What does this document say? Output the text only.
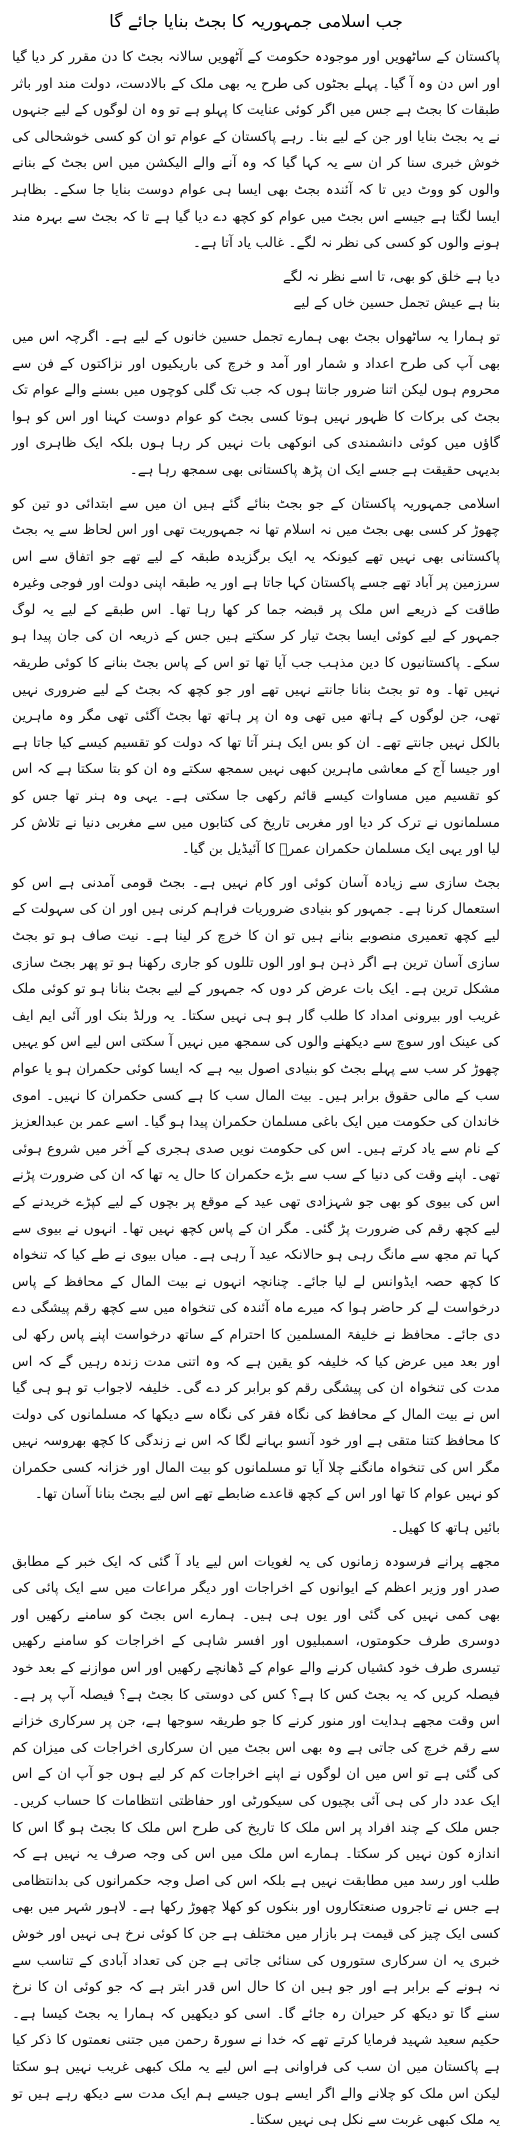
جب اسلامی جمہوریہ کا بجٹ بنایا جائے گا

پاکستان کے ساٹھویں اور موجودہ حکومت کے آٹھویں سالانہ بجٹ کا دن مقرر کر دیا گیا اور اس دن وہ آ گیا۔ پہلے بجٹوں کی طرح یہ بھی ملک کے بالادست، دولت مند اور باثر طبقات کا بجٹ ہے جس میں اگر کوئی عنایت کا پہلو ہے تو وہ ان لوگوں کے لیے جنہوں نے یہ بجٹ بنایا اور جن کے لیے بنا۔ رہے پاکستان کے عوام تو ان کو کسی خوشحالی کی خوش خبری سنا کر ان سے یہ کہا گیا کہ وہ آنے والے الیکشن میں اس بجٹ کے بنانے والوں کو ووٹ دیں تا کہ آئندہ بجٹ بھی ایسا ہی عوام دوست بنایا جا سکے۔ بظاہر ایسا لگتا ہے جیسے اس بجٹ میں عوام کو کچھ دے دیا گیا ہے تا کہ بجٹ سے بہرہ مند ہونے والوں کو کسی کی نظر نہ لگے۔ غالب یاد آتا ہے۔

دیا ہے خلق کو بھی، تا اسے نظر نہ لگے

بنا ہے عیش تجمل حسین خاں کے لیے

تو ہمارا یہ ساٹھواں بجٹ بھی ہمارے تجمل حسین خانوں کے لیے ہے۔ اگرچہ اس میں بھی آپ کی طرح اعداد و شمار اور آمد و خرچ کی باریکیوں اور نزاکتوں کے فن سے محروم ہوں لیکن اتنا ضرور جانتا ہوں کہ جب تک گلی کوچوں میں بسنے والے عوام تک بجٹ کی برکات کا ظہور نہیں ہوتا کسی بجٹ کو عوام دوست کہنا اور اس کو ہوا گاؤں میں کوئی دانشمندی کی انوکھی بات نہیں کر رہا ہوں بلکہ ایک ظاہری اور بدیہی حقیقت ہے جسے ایک ان پڑھ پاکستانی بھی سمجھ رہا ہے۔

اسلامی جمہوریہ پاکستان کے جو بجٹ بنائے گئے ہیں ان میں سے ابتدائی دو تین کو چھوڑ کر کسی بھی بجٹ میں نہ اسلام تھا نہ جمہوریت تھی اور اس لحاظ سے یہ بجٹ پاکستانی بھی نہیں تھے کیونکہ یہ ایک برگزیدہ طبقہ کے لیے تھے جو اتفاق سے اس سرزمین پر آباد تھے جسے پاکستان کہا جاتا ہے اور یہ طبقہ اپنی دولت اور فوجی وغیرہ طاقت کے ذریعے اس ملک پر قبضہ جما کر کھا رہا تھا۔ اس طبقے کے لیے یہ لوگ جمہور کے لیے کوئی ایسا بجٹ تیار کر سکتے ہیں جس کے ذریعہ ان کی جان پیدا ہو سکے۔ پاکستانیوں کا دین مذہب جب آیا تھا تو اس کے پاس بجٹ بنانے کا کوئی طریقہ نہیں تھا۔ وہ تو بجٹ بنانا جانتے نہیں تھے اور جو کچھ کہ بجٹ کے لیے ضروری نہیں تھی، جن لوگوں کے ہاتھ میں تھی وہ ان پر ہاتھ تھا بجٹ آگئی تھی مگر وہ ماہرین بالکل نہیں جانتے تھے۔ ان کو بس ایک ہنر آتا تھا کہ دولت کو تقسیم کیسے کیا جاتا ہے اور جیسا آج کے معاشی ماہرین کبھی نہیں سمجھ سکتے وہ ان کو بتا سکتا ہے کہ اس کو تقسیم میں مساوات کیسے قائم رکھی جا سکتی ہے۔ یہی وہ ہنر تھا جس کو مسلمانوں نے ترک کر دیا اور مغربی تاریخ کی کتابوں میں سے مغربی دنیا نے تلاش کر لیا اور یہی ایک مسلمان حکمران عمرؓ کا آئیڈیل بن گیا۔

بجٹ سازی سے زیادہ آسان کوئی اور کام نہیں ہے۔ بجٹ قومی آمدنی ہے اس کو استعمال کرنا ہے۔ جمہور کو بنیادی ضروریات فراہم کرنی ہیں اور ان کی سہولت کے لیے کچھ تعمیری منصوبے بنانے ہیں تو ان کا خرچ کر لینا ہے۔ نیت صاف ہو تو بجٹ سازی آسان ترین ہے اگر ذہن ہو اور الوں تللوں کو جاری رکھنا ہو تو پھر بجٹ سازی مشکل ترین ہے۔ ایک بات عرض کر دوں کہ جمہور کے لیے بجٹ بنانا ہو تو کوئی ملک غریب اور بیرونی امداد کا طلب گار ہو ہی نہیں سکتا۔ یہ ورلڈ بنک اور آئی ایم ایف کی عینک اور سوچ سے دیکھنے والوں کی سمجھ میں نہیں آ سکتی اس لیے اس کو یہیں چھوڑ کر سب سے پہلے بجٹ کو بنیادی اصول بیہ ہے کہ ایسا کوئی حکمران ہو یا عوام سب کے مالی حقوق برابر ہیں۔ بیت المال سب کا ہے کسی حکمران کا نہیں۔ اموی خاندان کی حکومت میں ایک باغی مسلمان حکمران پیدا ہو گیا۔ اسے عمر بن عبدالعزیز کے نام سے یاد کرتے ہیں۔ اس کی حکومت نویں صدی ہجری کے آخر میں شروع ہوئی تھی۔ اپنے وقت کی دنیا کے سب سے بڑے حکمران کا حال یہ تھا کہ ان کی ضرورت پڑنے اس کی بیوی کو بھی جو شہزادی تھی عید کے موقع پر بچوں کے لیے کپڑے خریدنے کے لیے کچھ رقم کی ضرورت پڑ گئی۔ مگر ان کے پاس کچھ نہیں تھا۔ انہوں نے بیوی سے کہا تم مجھ سے مانگ رہی ہو حالانکہ عید آ رہی ہے۔ میاں بیوی نے طے کیا کہ تنخواہ کا کچھ حصہ ایڈوانس لے لیا جائے۔ چنانچہ انہوں نے بیت المال کے محافظ کے پاس درخواست لے کر حاضر ہوا کہ میرے ماہ آئندہ کی تنخواہ میں سے کچھ رقم پیشگی دے دی جائے۔ محافظ نے خلیفۃ المسلمین کا احترام کے ساتھ درخواست اپنے پاس رکھ لی اور بعد میں عرض کیا کہ خلیفہ کو یقین ہے کہ وہ اتنی مدت زندہ رہیں گے کہ اس مدت کی تنخواہ ان کی پیشگی رقم کو برابر کر دے گی۔ خلیفہ لاجواب تو ہو ہی گیا اس نے بیت المال کے محافظ کی نگاہ فقر کی نگاہ سے دیکھا کہ مسلمانوں کی دولت کا محافظ کتنا متقی ہے اور خود آنسو بہانے لگا کہ اس نے زندگی کا کچھ بھروسہ نہیں مگر اس کی تنخواہ مانگنے چلا آیا تو مسلمانوں کو بیت المال اور خزانہ کسی حکمران کو نہیں عوام کا تھا اور اس کے کچھ قاعدے ضابطے تھے اس لیے بجٹ بنانا آسان تھا۔

بائیں ہاتھ کا کھیل۔

مجھے پرانے فرسودہ زمانوں کی یہ لغویات اس لیے یاد آ گئی کہ ایک خبر کے مطابق صدر اور وزیر اعظم کے ایوانوں کے اخراجات اور دیگر مراعات میں سے ایک پائی کی بھی کمی نہیں کی گئی اور یوں ہی ہیں۔ ہمارے اس بجٹ کو سامنے رکھیں اور دوسری طرف حکومتوں، اسمبلیوں اور افسر شاہی کے اخراجات کو سامنے رکھیں تیسری طرف خود کشیاں کرنے والے عوام کے ڈھانچے رکھیں اور اس موازنے کے بعد خود فیصلہ کریں کہ یہ بجٹ کس کا ہے؟ کس کی دوستی کا بجٹ ہے؟ فیصلہ آپ پر ہے۔ اس وقت مجھے ہدایت اور منور کرنے کا جو طریقہ سوجھا ہے، جن پر سرکاری خزانے سے رقم خرچ کی جاتی ہے وہ بھی اس بجٹ میں ان سرکاری اخراجات کی میزان کم کی گئی ہے تو اس میں ان لوگوں نے اپنے اخراجات کم کر لیے ہوں جو آپ ان کے اس ایک عدد دار کی ہی آئی بچیوں کی سیکورٹی اور حفاظتی انتظامات کا حساب کریں۔ جس ملک کے چند افراد پر اس ملک کا تاریخ کی طرح اس ملک کا بجٹ ہو گا اس کا اندازہ کون نہیں کر سکتا۔ ہمارے اس ملک میں اس کی وجہ صرف یہ نہیں ہے کہ طلب اور رسد میں مطابقت نہیں ہے بلکہ اس کی اصل وجہ حکمرانوں کی بدانتظامی ہے جس نے تاجروں صنعتکاروں اور بنکوں کو کھلا چھوڑ رکھا ہے۔ لاہور شہر میں بھی کسی ایک چیز کی قیمت ہر بازار میں مختلف ہے جن کا کوئی نرخ ہی نہیں اور خوش خبری یہ ان سرکاری ستوروں کی سنائی جاتی ہے جن کی تعداد آبادی کے تناسب سے نہ ہونے کے برابر ہے اور جو ہیں ان کا حال اس قدر ابتر ہے کہ جو کوئی ان کا نرخ سنے گا تو دیکھ کر حیران رہ جائے گا۔ اسی کو دیکھیں کہ ہمارا یہ بجٹ کیسا ہے۔ حکیم سعید شہید فرمایا کرتے تھے کہ خدا نے سورۃ رحمن میں جتنی نعمتوں کا ذکر کیا ہے پاکستان میں ان سب کی فراوانی ہے اس لیے یہ ملک کبھی غریب نہیں ہو سکتا لیکن اس ملک کو چلانے والے اگر ایسے ہوں جیسے ہم ایک مدت سے دیکھ رہے ہیں تو یہ ملک کبھی غربت سے نکل ہی نہیں سکتا۔
